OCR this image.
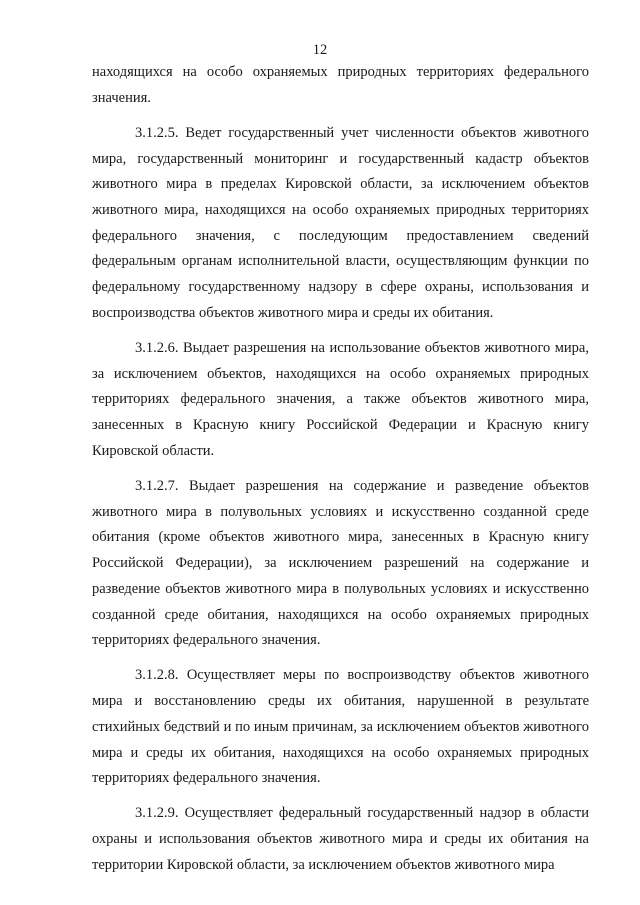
12

находящихся на особо охраняемых природных территориях федерального значения.

3.1.2.5. Ведет государственный учет численности объектов животного мира, государственный мониторинг и государственный кадастр объектов животного мира в пределах Кировской области, за исключением объектов животного мира, находящихся на особо охраняемых природных территориях федерального значения, с последующим предоставлением сведений федеральным органам исполнительной власти, осуществляющим функции по федеральному государственному надзору в сфере охраны, использования и воспроизводства объектов животного мира и среды их обитания.

3.1.2.6. Выдает разрешения на использование объектов животного мира, за исключением объектов, находящихся на особо охраняемых природных территориях федерального значения, а также объектов животного мира, занесенных в Красную книгу Российской Федерации и Красную книгу Кировской области.

3.1.2.7. Выдает разрешения на содержание и разведение объектов животного мира в полувольных условиях и искусственно созданной среде обитания (кроме объектов животного мира, занесенных в Красную книгу Российской Федерации), за исключением разрешений на содержание и разведение объектов животного мира в полувольных условиях и искусственно созданной среде обитания, находящихся на особо охраняемых природных территориях федерального значения.

3.1.2.8. Осуществляет меры по воспроизводству объектов животного мира и восстановлению среды их обитания, нарушенной в результате стихийных бедствий и по иным причинам, за исключением объектов животного мира и среды их обитания, находящихся на особо охраняемых природных территориях федерального значения.

3.1.2.9. Осуществляет федеральный государственный надзор в области охраны и использования объектов животного мира и среды их обитания на территории Кировской области, за исключением объектов животного мира
